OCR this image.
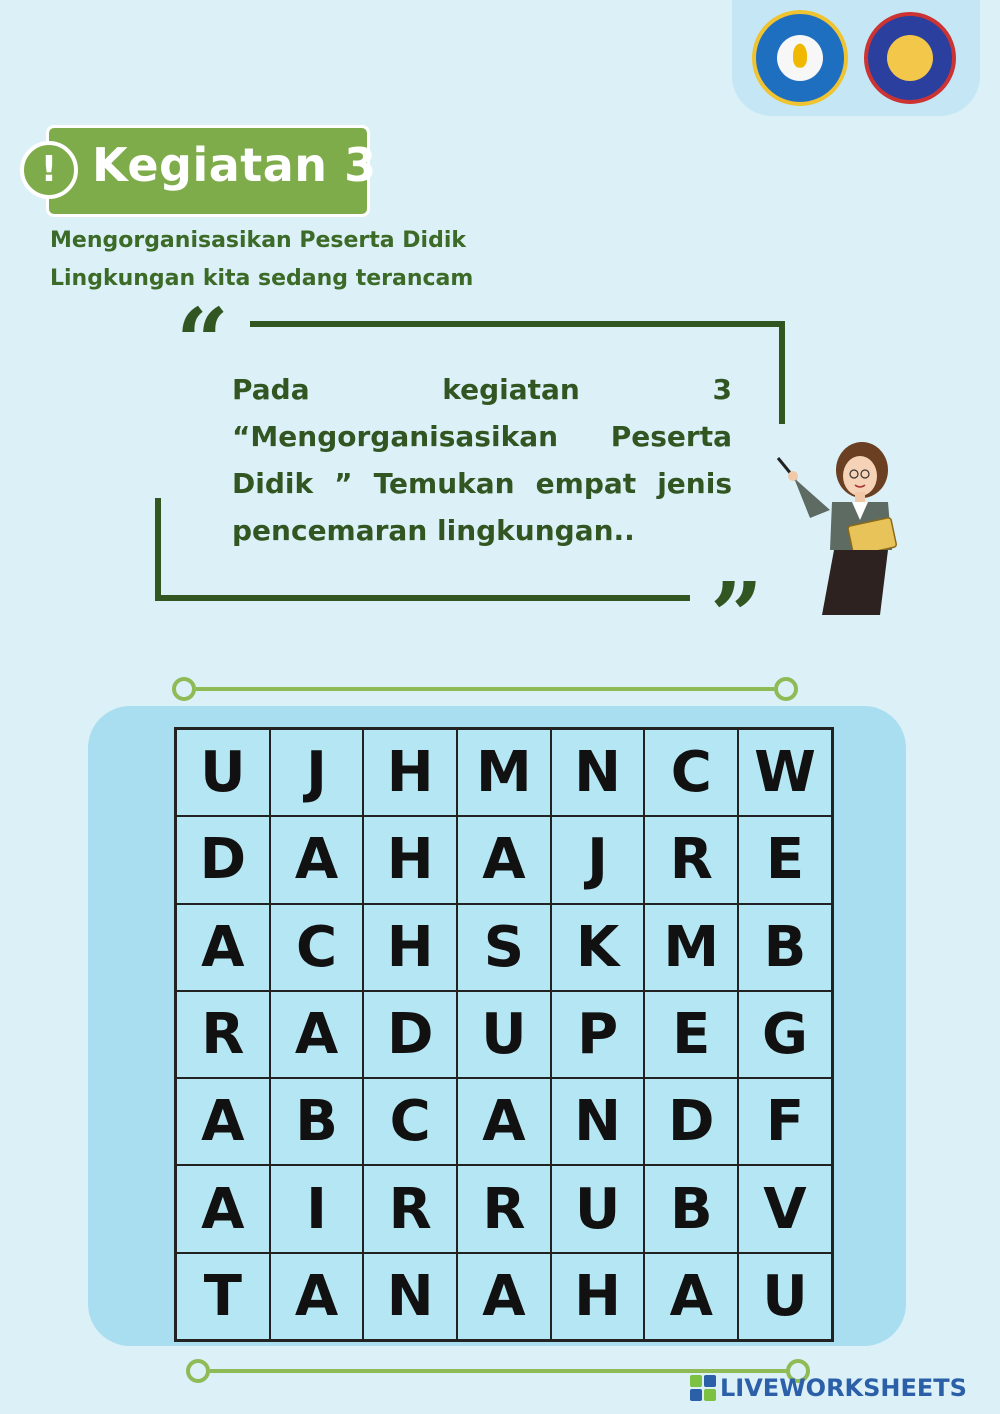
! Kegiatan 3
Mengorganisasikan Peserta Didik
Lingkungan kita sedang terancam
“
”
Pada kegiatan 3 “Mengorganisasikan Peserta Didik ” Temukan empat jenis pencemaran lingkungan..
U	J	H M N C W
D A H A	J	R E
A C H S K M B
R A D U P E G
A B C A N D F
A	I	R R U B V
T A N A H A U
LIVEWORKSHEETS
